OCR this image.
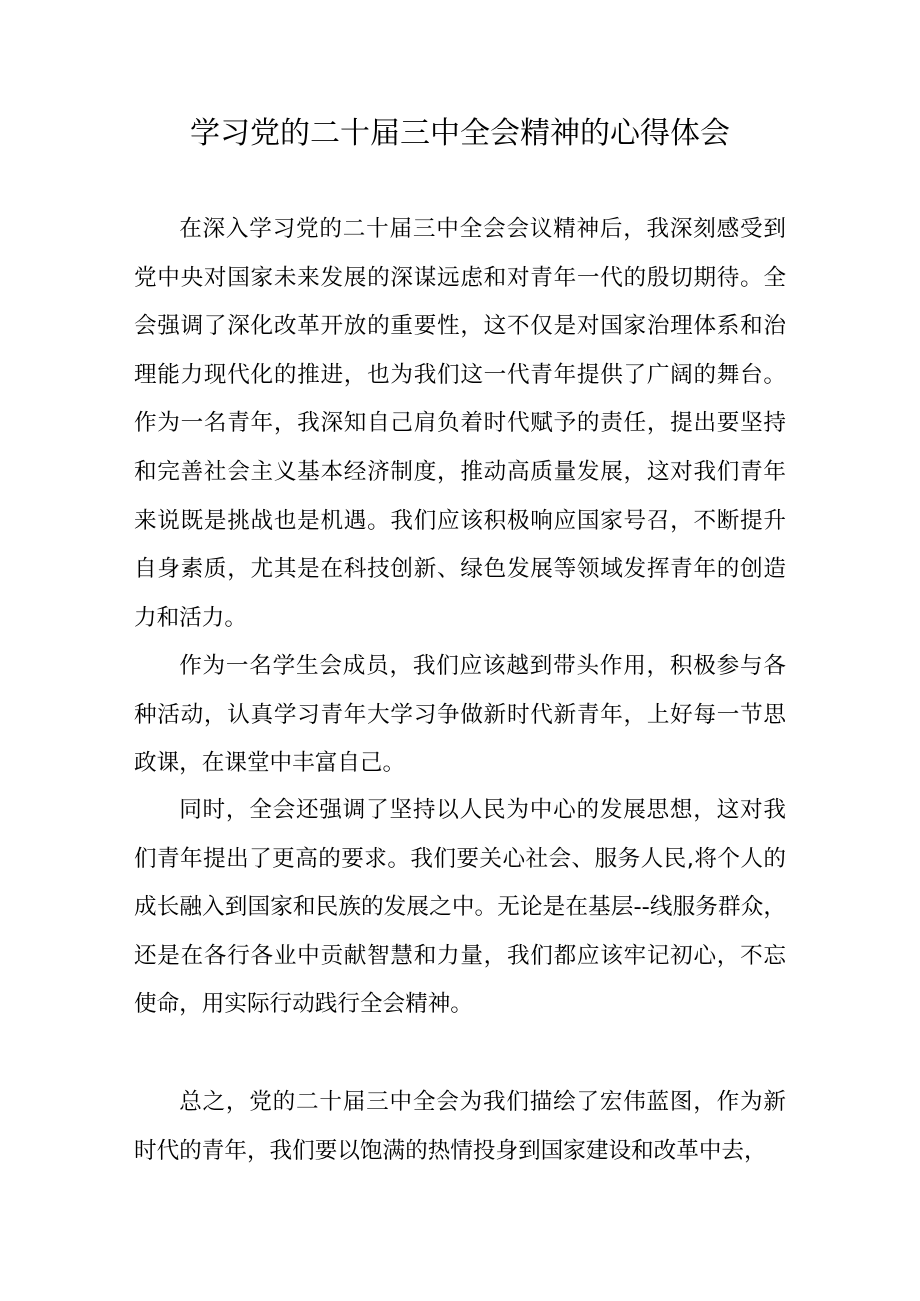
学习党的二十届三中全会精神的心得体会

在深入学习党的二十届三中全会会议精神后，我深刻感受到党中央对国家未来发展的深谋远虑和对青年一代的殷切期待。全会强调了深化改革开放的重要性，这不仅是对国家治理体系和治理能力现代化的推进，也为我们这一代青年提供了广阔的舞台。作为一名青年，我深知自己肩负着时代赋予的责任，提出要坚持和完善社会主义基本经济制度，推动高质量发展，这对我们青年来说既是挑战也是机遇。我们应该积极响应国家号召，不断提升自身素质，尤其是在科技创新、绿色发展等领域发挥青年的创造力和活力。

作为一名学生会成员，我们应该越到带头作用，积极参与各种活动，认真学习青年大学习争做新时代新青年，上好每一节思政课，在课堂中丰富自己。

同时，全会还强调了坚持以人民为中心的发展思想，这对我们青年提出了更高的要求。我们要关心社会、服务人民,将个人的成长融入到国家和民族的发展之中。无论是在基层--线服务群众，还是在各行各业中贡献智慧和力量，我们都应该牢记初心，不忘使命，用实际行动践行全会精神。

总之，党的二十届三中全会为我们描绘了宏伟蓝图，作为新时代的青年，我们要以饱满的热情投身到国家建设和改革中去，
